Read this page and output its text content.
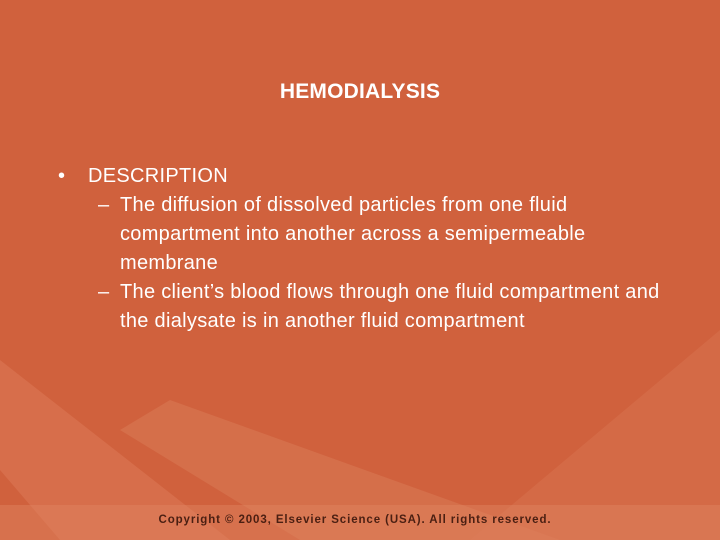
HEMODIALYSIS
• DESCRIPTION
– The diffusion of dissolved particles from one fluid compartment into another across a semipermeable membrane
– The client’s blood flows through one fluid compartment and the dialysate is in another fluid compartment
Copyright © 2003, Elsevier Science (USA). All rights reserved.
